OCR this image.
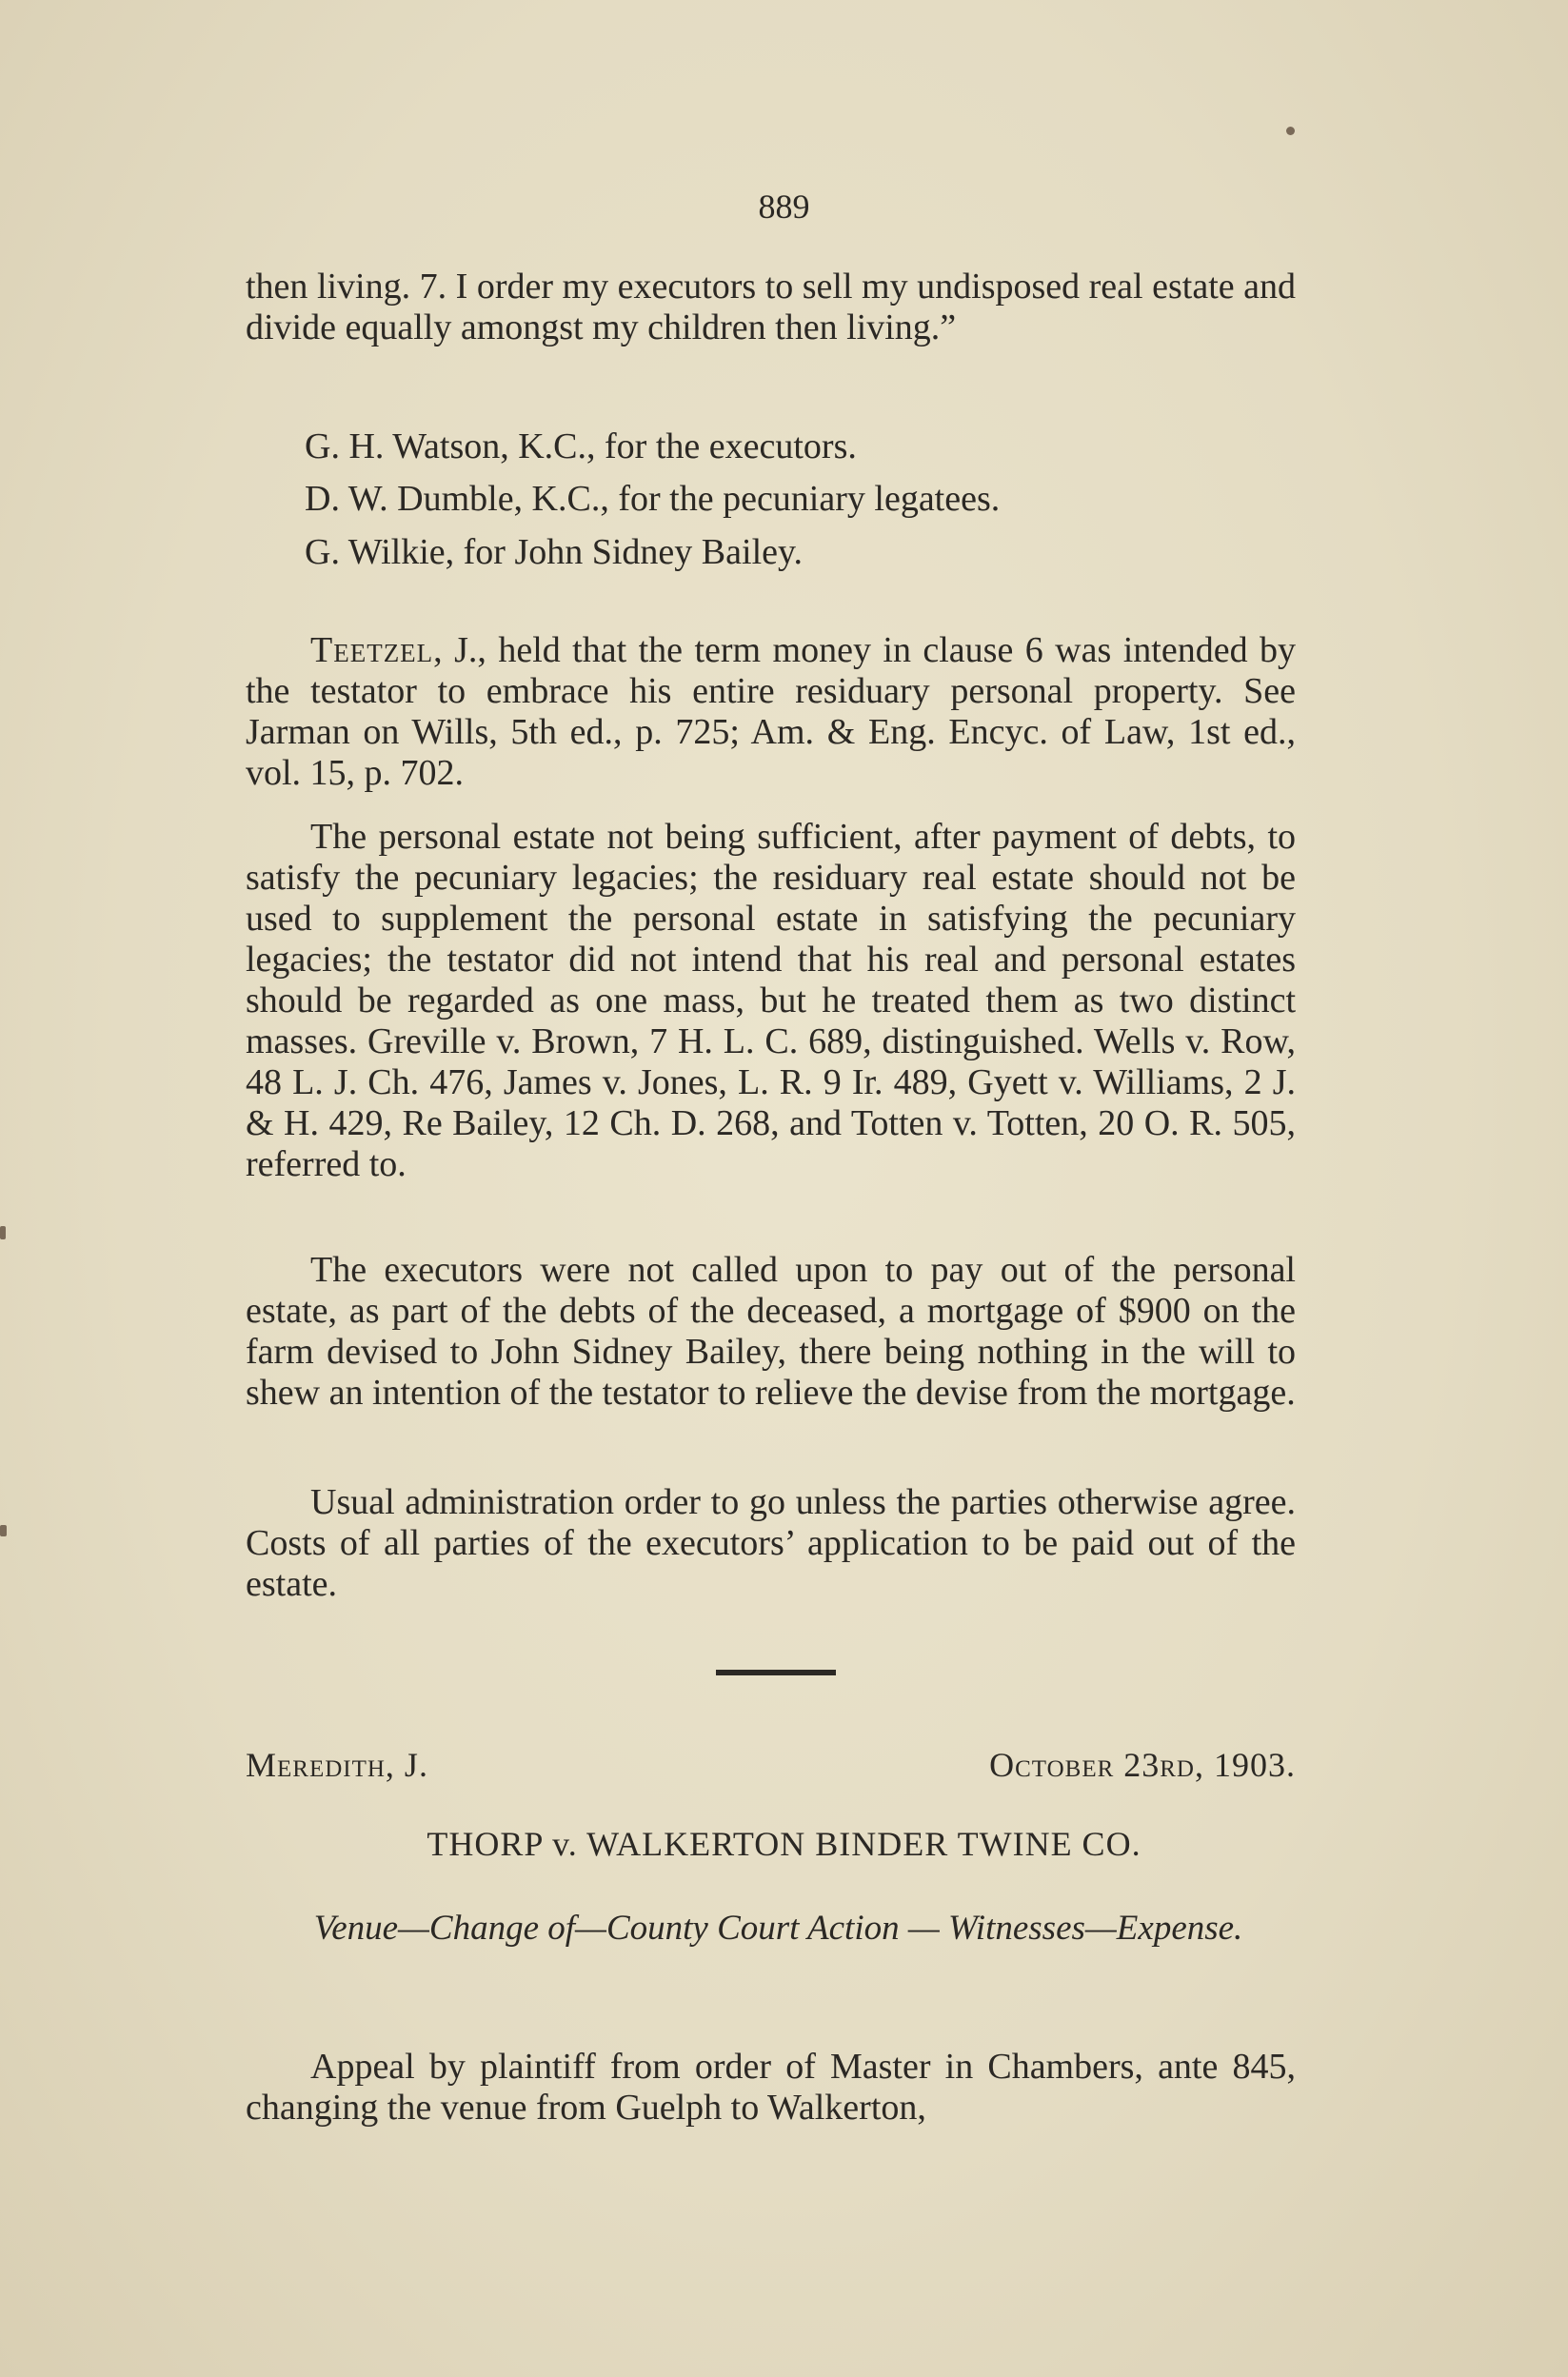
889

then living. 7. I order my executors to sell my undisposed real estate and divide equally amongst my children then living.”

G. H. Watson, K.C., for the executors.

D. W. Dumble, K.C., for the pecuniary legatees.

G. Wilkie, for John Sidney Bailey.

Teetzel, J., held that the term money in clause 6 was intended by the testator to embrace his entire residuary personal property. See Jarman on Wills, 5th ed., p. 725; Am. & Eng. Encyc. of Law, 1st ed., vol. 15, p. 702.

The personal estate not being sufficient, after payment of debts, to satisfy the pecuniary legacies; the residuary real estate should not be used to supplement the personal estate in satisfying the pecuniary legacies; the testator did not intend that his real and personal estates should be regarded as one mass, but he treated them as two distinct masses. Greville v. Brown, 7 H. L. C. 689, distinguished. Wells v. Row, 48 L. J. Ch. 476, James v. Jones, L. R. 9 Ir. 489, Gyett v. Williams, 2 J. & H. 429, Re Bailey, 12 Ch. D. 268, and Totten v. Totten, 20 O. R. 505, referred to.

The executors were not called upon to pay out of the personal estate, as part of the debts of the deceased, a mortgage of $900 on the farm devised to John Sidney Bailey, there being nothing in the will to shew an intention of the testator to relieve the devise from the mortgage.

Usual administration order to go unless the parties otherwise agree. Costs of all parties of the executors’ application to be paid out of the estate.

Meredith, J.	October 23rd, 1903.
THORP v. WALKERTON BINDER TWINE CO.
Venue—Change of—County Court Action — Witnesses—Expense.

Appeal by plaintiff from order of Master in Chambers, ante 845, changing the venue from Guelph to Walkerton,
